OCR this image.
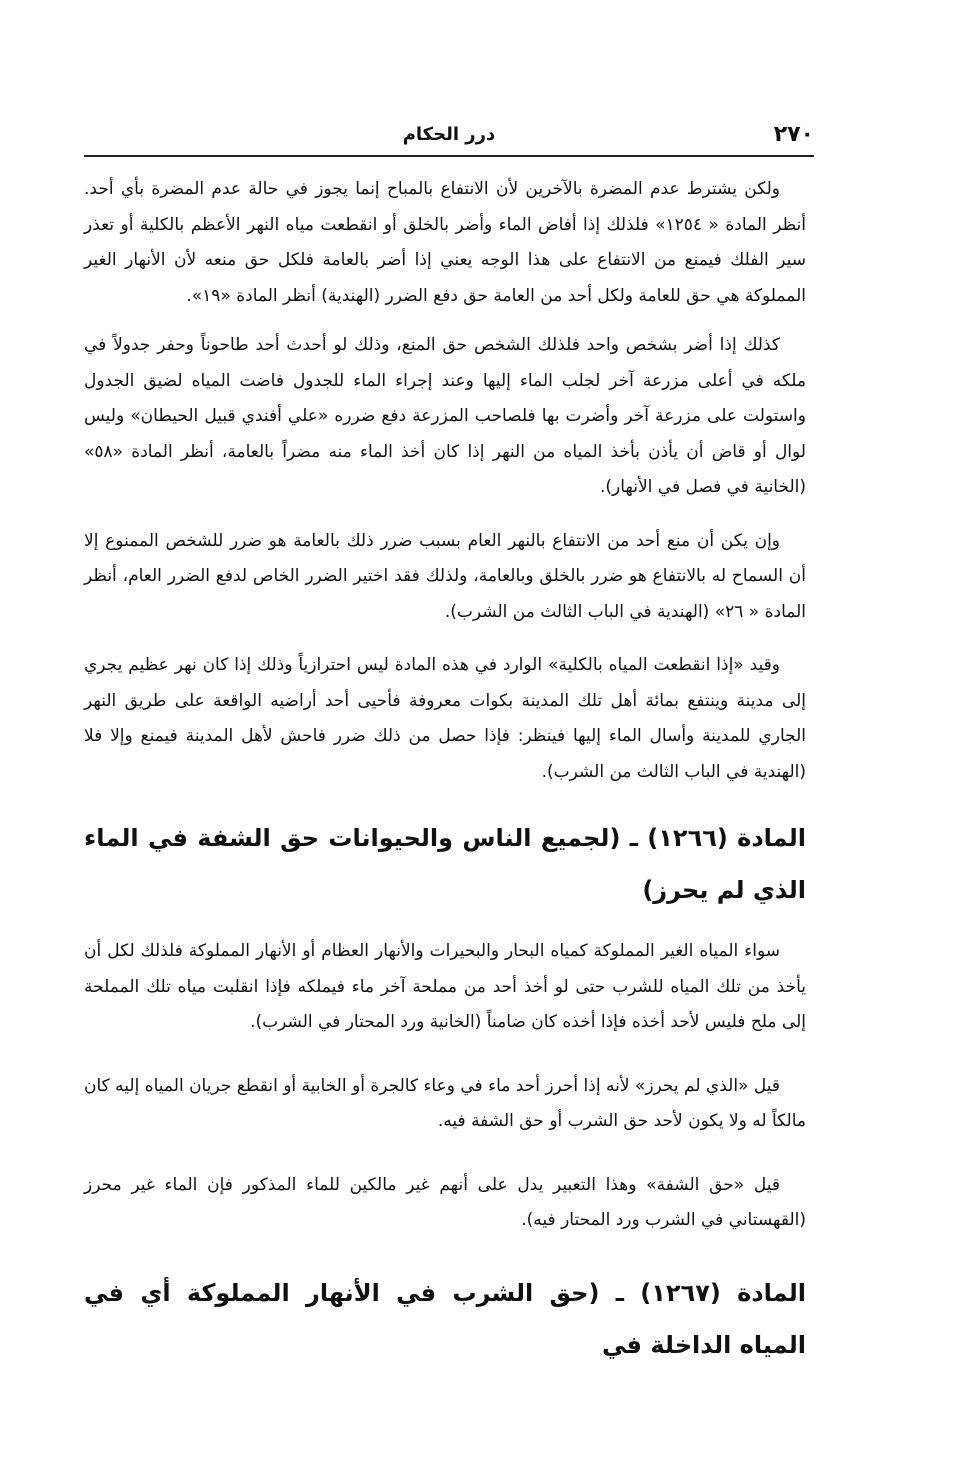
٢٧٠
درر الحكام

ولكن يشترط عدم المضرة بالآخرين لأن الانتفاع بالمباح إنما يجوز في حالة عدم المضرة بأي أحد. أنظر المادة « ١٢٥٤» فلذلك إذا أفاض الماء وأضر بالخلق أو انقطعت مياه النهر الأعظم بالكلية أو تعذر سير الفلك فيمنع من الانتفاع على هذا الوجه يعني إذا أضر بالعامة فلكل حق منعه لأن الأنهار الغير المملوكة هي حق للعامة ولكل أحد من العامة حق دفع الضرر (الهندية) أنظر المادة «١٩».

كذلك إذا أضر بشخص واحد فلذلك الشخص حق المنع، وذلك لو أحدث أحد طاحوناً وحفر جدولاً في ملكه في أعلى مزرعة آخر لجلب الماء إليها وعند إجراء الماء للجدول فاضت المياه لضيق الجدول واستولت على مزرعة آخر وأضرت بها فلصاحب المزرعة دفع ضرره «علي أفندي قبيل الحيطان» وليس لوال أو قاض أن يأذن بأخذ المياه من النهر إذا كان أخذ الماء منه مضراً بالعامة، أنظر المادة «٥٨» (الخانية في فصل في الأنهار).

وإن يكن أن منع أحد من الانتفاع بالنهر العام بسبب ضرر ذلك بالعامة هو ضرر للشخص الممنوع إلا أن السماح له بالانتفاع هو ضرر بالخلق وبالعامة، ولذلك فقد اختير الضرر الخاص لدفع الضرر العام، أنظر المادة « ٢٦» (الهندية في الباب الثالث من الشرب).

وقيد «إذا انقطعت المياه بالكلية» الوارد في هذه المادة ليس احترازياً وذلك إذا كان نهر عظيم يجري إلى مدينة وينتفع بمائة أهل تلك المدينة بكوات معروفة فأحيى أحد أراضيه الواقعة على طريق النهر الجاري للمدينة وأسال الماء إليها فينظر: فإذا حصل من ذلك ضرر فاحش لأهل المدينة فيمنع وإلا فلا (الهندية في الباب الثالث من الشرب).

المادة (١٢٦٦) ـ (لجميع الناس والحيوانات حق الشفة في الماء الذي لم يحرز)

سواء المياه الغير المملوكة كمياه البحار والبحيرات والأنهار العظام أو الأنهار المملوكة فلذلك لكل أن يأخذ من تلك المياه للشرب حتى لو أخذ أحد من مملحة آخر ماء فيملكه فإذا انقلبت مياه تلك المملحة إلى ملح فليس لأحد أخذه فإذا أخذه كان ضامناً (الخانية ورد المحتار في الشرب).

قيل «الذي لم يحرز» لأنه إذا أحرز أحد ماء في وعاء كالجرة أو الخابية أو انقطع جريان المياه إليه كان مالكاً له ولا يكون لأحد حق الشرب أو حق الشفة فيه.

قيل «حق الشفة» وهذا التعبير يدل على أنهم غير مالكين للماء المذكور فإن الماء غير محرز (القهستاني في الشرب ورد المحتار فيه).

المادة (١٢٦٧) ـ (حق الشرب في الأنهار المملوكة أي في المياه الداخلة في
